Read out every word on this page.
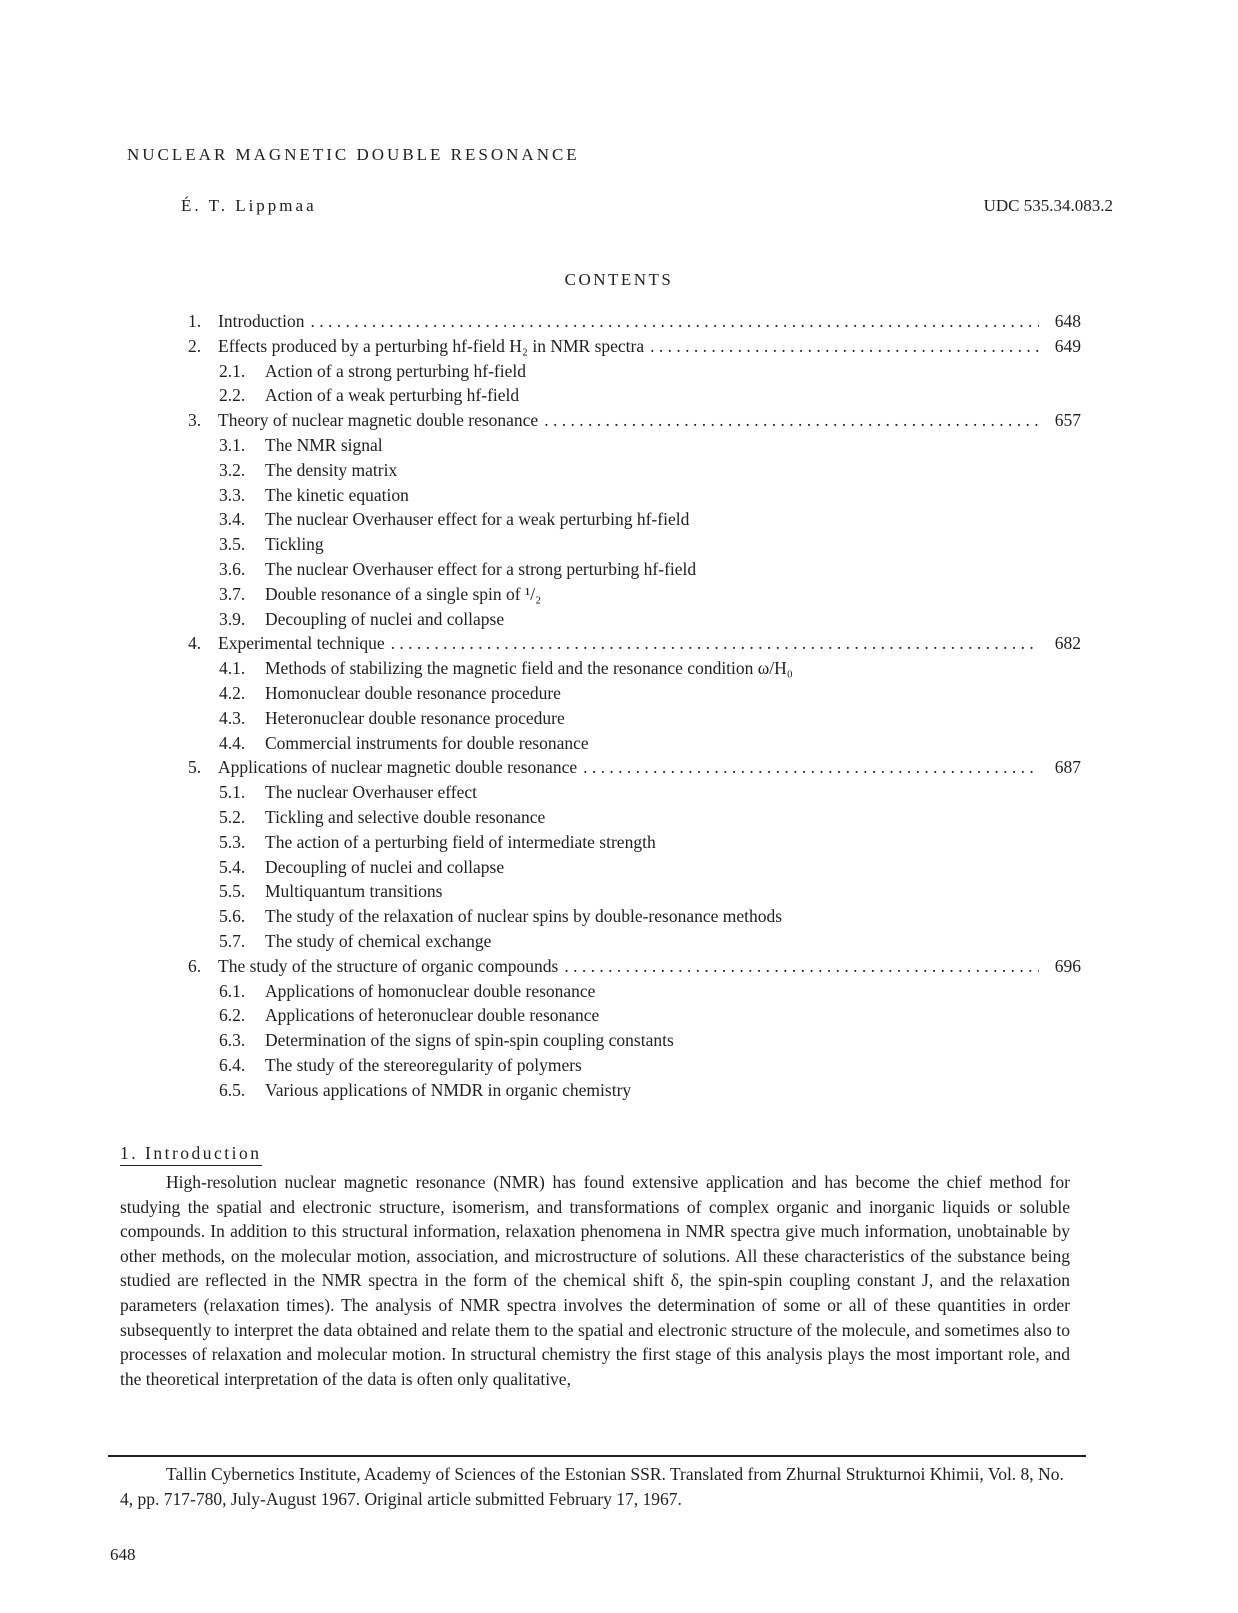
NUCLEAR MAGNETIC DOUBLE RESONANCE
É. T. Lippmaa	UDC 535.34.083.2
CONTENTS
1. Introduction . . .	648
2. Effects produced by a perturbing hf-field H₂ in NMR spectra . . .	649
2.1. Action of a strong perturbing hf-field
2.2. Action of a weak perturbing hf-field
3. Theory of nuclear magnetic double resonance . . .	657
3.1. The NMR signal
3.2. The density matrix
3.3. The kinetic equation
3.4. The nuclear Overhauser effect for a weak perturbing hf-field
3.5. Tickling
3.6. The nuclear Overhauser effect for a strong perturbing hf-field
3.7. Double resonance of a single spin of ¹/₂
3.9. Decoupling of nuclei and collapse
4. Experimental technique . . .	682
4.1. Methods of stabilizing the magnetic field and the resonance condition ω/H₀
4.2. Homonuclear double resonance procedure
4.3. Heteronuclear double resonance procedure
4.4. Commercial instruments for double resonance
5. Applications of nuclear magnetic double resonance . . .	687
5.1. The nuclear Overhauser effect
5.2. Tickling and selective double resonance
5.3. The action of a perturbing field of intermediate strength
5.4. Decoupling of nuclei and collapse
5.5. Multiquantum transitions
5.6. The study of the relaxation of nuclear spins by double-resonance methods
5.7. The study of chemical exchange
6. The study of the structure of organic compounds . . .	696
6.1. Applications of homonuclear double resonance
6.2. Applications of heteronuclear double resonance
6.3. Determination of the signs of spin-spin coupling constants
6.4. The study of the stereoregularity of polymers
6.5. Various applications of NMDR in organic chemistry
1. Introduction
High-resolution nuclear magnetic resonance (NMR) has found extensive application and has become the chief method for studying the spatial and electronic structure, isomerism, and transformations of complex organic and inorganic liquids or soluble compounds. In addition to this structural information, relaxation phenomena in NMR spectra give much information, unobtainable by other methods, on the molecular motion, association, and microstructure of solutions. All these characteristics of the substance being studied are reflected in the NMR spectra in the form of the chemical shift δ, the spin-spin coupling constant J, and the relaxation parameters (relaxation times). The analysis of NMR spectra involves the determination of some or all of these quantities in order subsequently to interpret the data obtained and relate them to the spatial and electronic structure of the molecule, and sometimes also to processes of relaxation and molecular motion. In structural chemistry the first stage of this analysis plays the most important role, and the theoretical interpretation of the data is often only qualitative,
Tallin Cybernetics Institute, Academy of Sciences of the Estonian SSR. Translated from Zhurnal Strukturnoi Khimii, Vol. 8, No. 4, pp. 717-780, July-August 1967. Original article submitted February 17, 1967.
648
